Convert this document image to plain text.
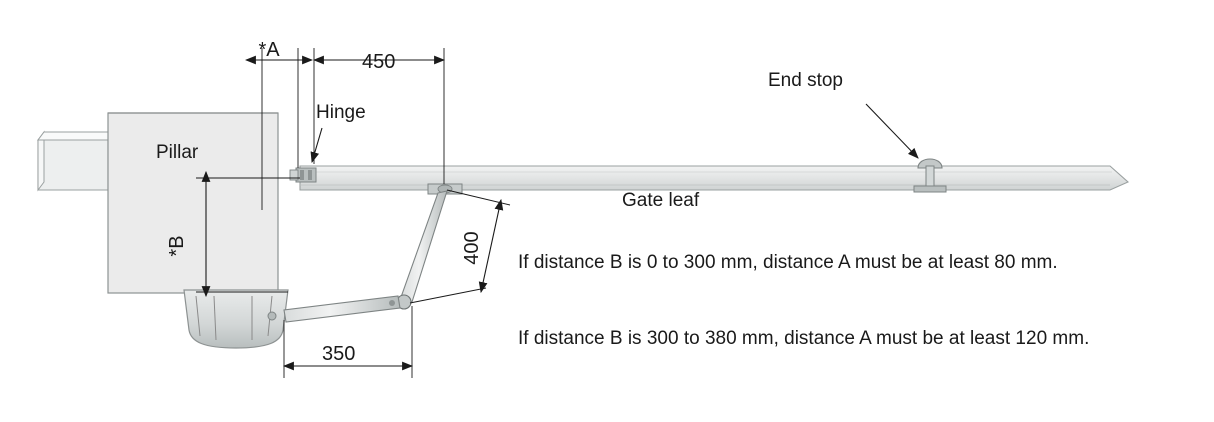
Pillar
Gate leaf
Hinge
End stop
*A
450
*B	400
350
If distance B is 0 to 300 mm, distance A must be at least 80 mm.
If distance B is 300 to 380 mm, distance A must be at least 120 mm.
